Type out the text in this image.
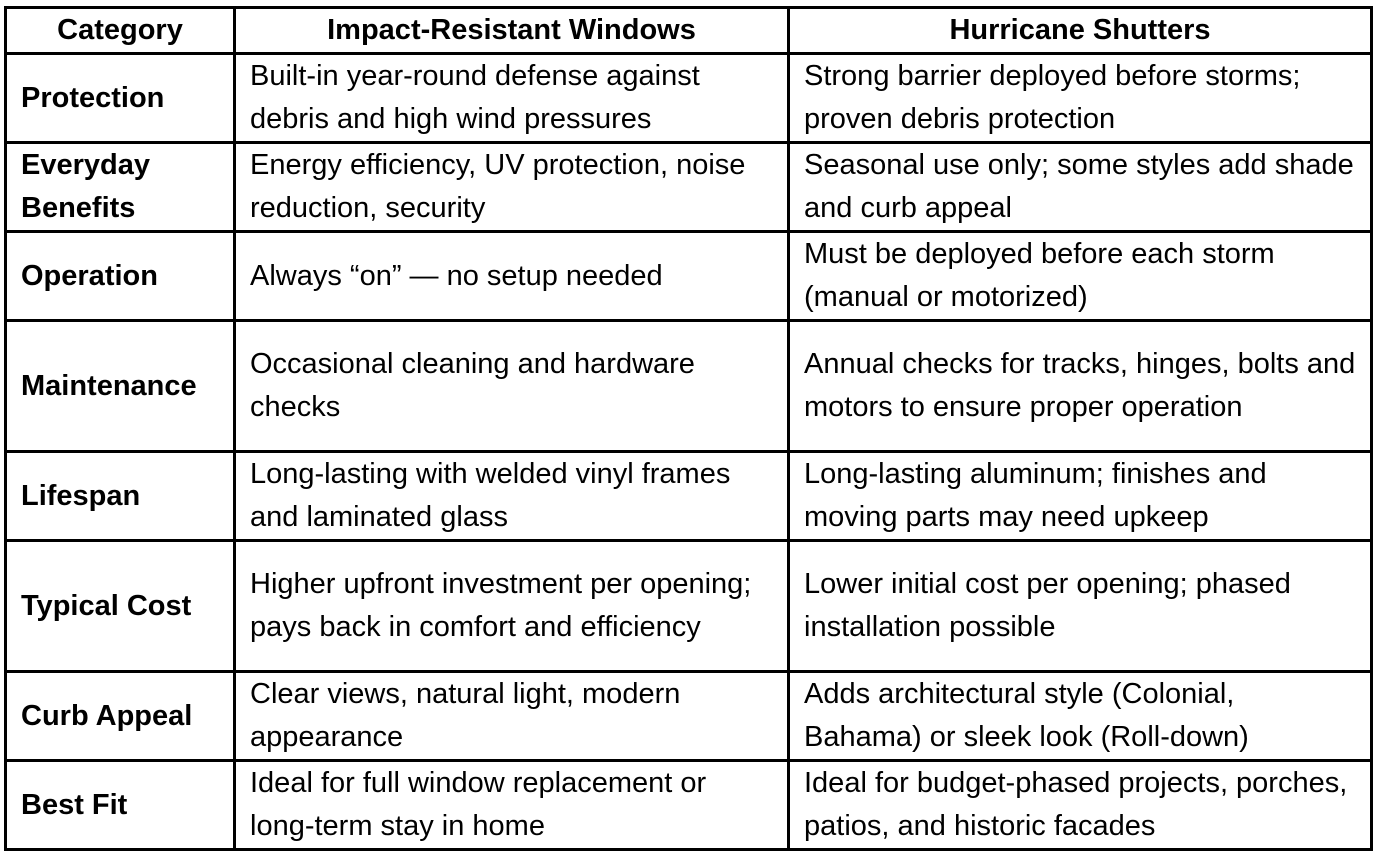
Category	Impact-Resistant Windows	Hurricane Shutters
Protection	Built-in year-round defense against debris and high wind pressures	Strong barrier deployed before storms; proven debris protection
Everyday Benefits	Energy efficiency, UV protection, noise reduction, security	Seasonal use only; some styles add shade and curb appeal
Operation	Always “on” — no setup needed	Must be deployed before each storm (manual or motorized)
Maintenance	Occasional cleaning and hardware checks	Annual checks for tracks, hinges, bolts and motors to ensure proper operation
Lifespan	Long-lasting with welded vinyl frames and laminated glass	Long-lasting aluminum; finishes and moving parts may need upkeep
Typical Cost	Higher upfront investment per opening; pays back in comfort and efficiency	Lower initial cost per opening; phased installation possible
Curb Appeal	Clear views, natural light, modern appearance	Adds architectural style (Colonial, Bahama) or sleek look (Roll-down)
Best Fit	Ideal for full window replacement or long-term stay in home	Ideal for budget-phased projects, porches, patios, and historic facades
